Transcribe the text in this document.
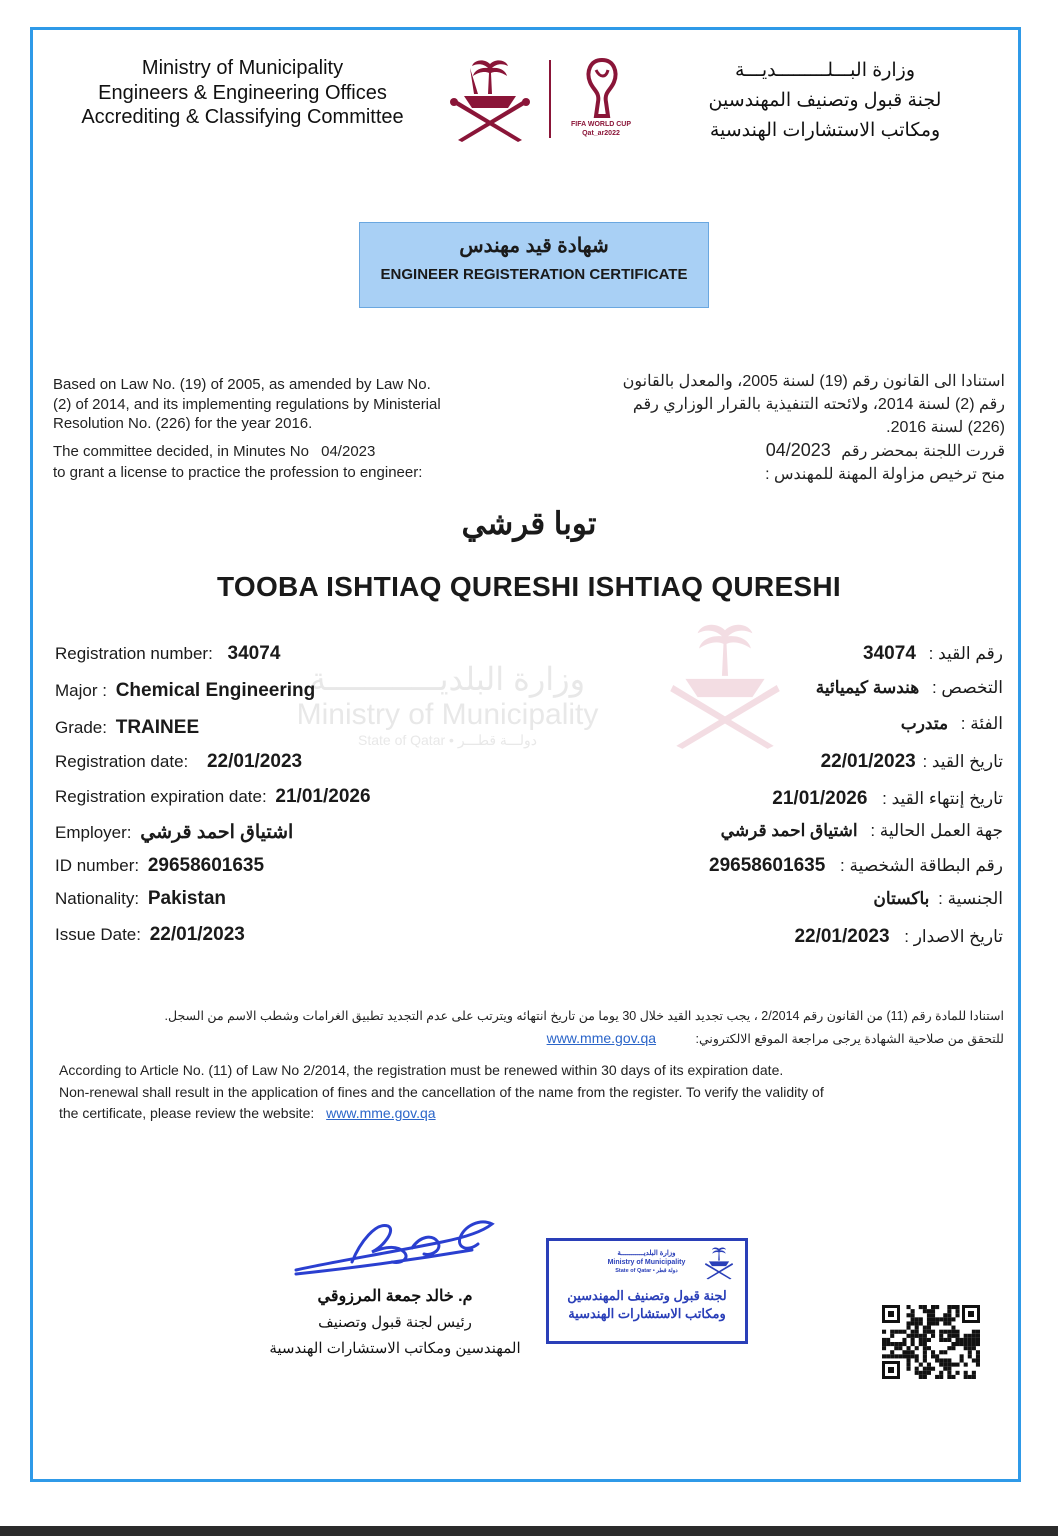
Ministry of Municipality
Engineers & Engineering Offices
Accrediting & Classifying Committee	FIFA WORLD CUP
Qat_ar2022
وزارة البـــلـــــــــديـــة
لجنة قبول وتصنيف المهندسين
ومكاتب الاستشارات الهندسية
شهادة قيد مهندس
ENGINEER REGISTERATION CERTIFICATE
Based on Law No. (19) of 2005, as amended by Law No.
(2) of 2014, and its implementing regulations by Ministerial
Resolution No. (226) for the year 2016.
The committee decided, in Minutes No 04/2023
to grant a license to practice the profession to engineer:
استنادا الى القانون رقم (19) لسنة 2005، والمعدل بالقانون
رقم (2) لسنة 2014، ولائحته التنفيذية بالقرار الوزاري رقم
(226) لسنة 2016.
قررت اللجنة بمحضر رقم 04/2023
منح ترخيص مزاولة المهنة للمهندس :
توبا قرشي
TOOBA ISHTIAQ QURESHI ISHTIAQ QURESHI
وزارة البلديــــــــــــة
Ministry of Municipality
State of Qatar • دولـــة قطـــر
Registration number: 34074
Major : Chemical Engineering
Grade: TRAINEE
Registration date: 22/01/2023
Registration expiration date: 21/01/2026
Employer: اشتياق احمد قرشي
ID number: 29658601635
Nationality: Pakistan
Issue Date: 22/01/2023
رقم القيد : 34074
التخصص : هندسة كيميائية
الفئة : متدرب
تاريخ القيد : 22/01/2023
تاريخ إنتهاء القيد : 21/01/2026
جهة العمل الحالية : اشتياق احمد قرشي
رقم البطاقة الشخصية : 29658601635
الجنسية : باكستان
تاريخ الاصدار : 22/01/2023
استنادا للمادة رقم (11) من القانون رقم 2/2014 ، يجب تجديد القيد خلال 30 يوما من تاريخ انتهائه ويترتب على عدم التجديد تطبيق الغرامات وشطب الاسم من السجل.
للتحقق من صلاحية الشهادة يرجى مراجعة الموقع الالكتروني: www.mme.gov.qa
According to Article No. (11) of Law No 2/2014, the registration must be renewed within 30 days of its expiration date.
Non-renewal shall result in the application of fines and the cancellation of the name from the register. To verify the validity of
the certificate, please review the website: www.mme.gov.qa
م. خالد جمعة المرزوقي
رئيس لجنة قبول وتصنيف
المهندسين ومكاتب الاستشارات الهندسية
وزارة البلديـــــــــــة
Ministry of Municipality
State of Qatar • دولة قطر
لجنة قبول وتصنيف المهندسين
ومكاتب الاستشارات الهندسية
